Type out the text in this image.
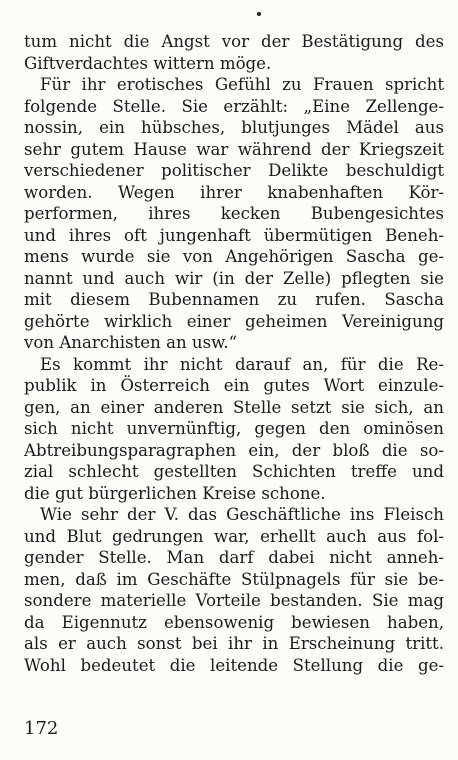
tum nicht die Angst vor der Bestätigung des
Giftverdachtes wittern möge.
Für ihr erotisches Gefühl zu Frauen spricht
folgende Stelle. Sie erzählt: „Eine Zellenge-
nossin, ein hübsches, blutjunges Mädel aus
sehr gutem Hause war während der Kriegszeit
verschiedener politischer Delikte beschuldigt
worden. Wegen ihrer knabenhaften Kör-
performen, ihres kecken Bubengesichtes
und ihres oft jungenhaft übermütigen Beneh-
mens wurde sie von Angehörigen Sascha ge-
nannt und auch wir (in der Zelle) pflegten sie
mit diesem Bubennamen zu rufen. Sascha
gehörte wirklich einer geheimen Vereinigung
von Anarchisten an usw.“
Es kommt ihr nicht darauf an, für die Re-
publik in Österreich ein gutes Wort einzule-
gen, an einer anderen Stelle setzt sie sich, an
sich nicht unvernünftig, gegen den ominösen
Abtreibungsparagraphen ein, der bloß die so-
zial schlecht gestellten Schichten treffe und
die gut bürgerlichen Kreise schone.
Wie sehr der V. das Geschäftliche ins Fleisch
und Blut gedrungen war, erhellt auch aus fol-
gender Stelle. Man darf dabei nicht anneh-
men, daß im Geschäfte Stülpnagels für sie be-
sondere materielle Vorteile bestanden. Sie mag
da Eigennutz ebensowenig bewiesen haben,
als er auch sonst bei ihr in Erscheinung tritt.
Wohl bedeutet die leitende Stellung die ge-
172
